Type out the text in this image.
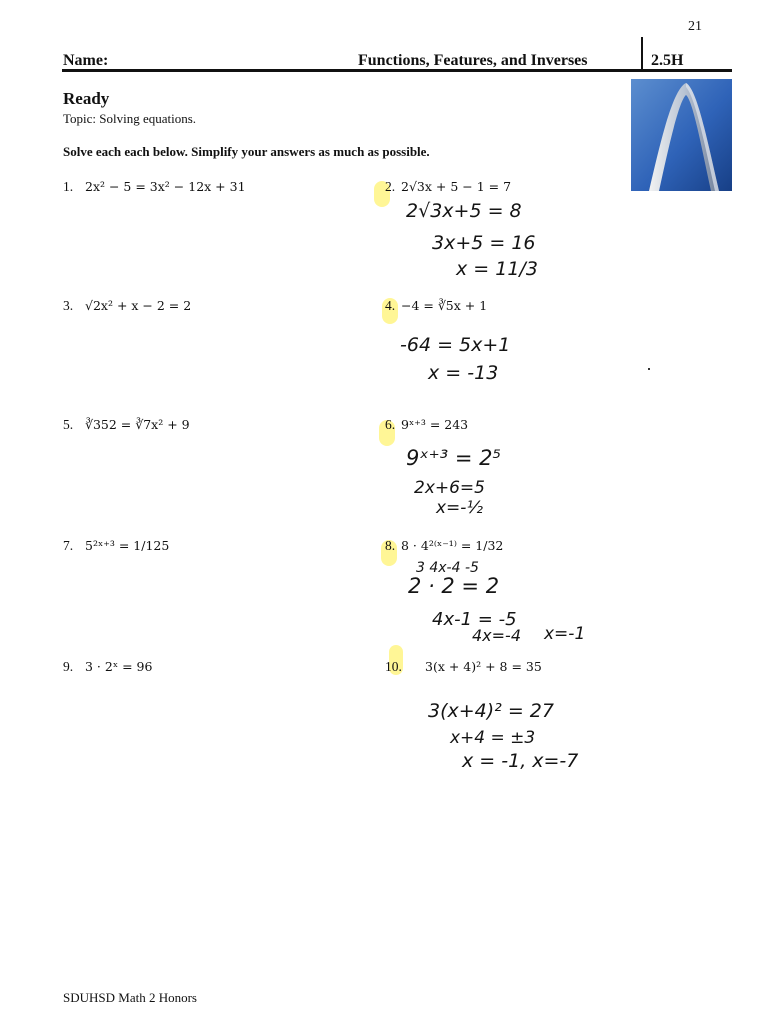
21
Name:	Functions, Features, and Inverses	2.5H
Ready
Topic: Solving equations.
Solve each each below. Simplify your answers as much as possible.
1. 2x² − 5 = 3x² − 12x + 31	2. 2√3x + 5 − 1 = 7
3. √2x² + x − 2 = 2	4. −4 = ∛5x + 1
5. ∛352 = ∛7x² + 9	6. 9ˣ⁺³ = 243
7. 5²ˣ⁺³ = 1/125	8. 8 · 4²⁽ˣ⁻¹⁾ = 1/32
9. 3 · 2ˣ = 96	10. 3(x + 4)² + 8 = 35
2√3x+5 = 8
3x+5 = 16
x = 11/3
-64 = 5x+1
x = -13
9ˣ⁺³ = 2⁵
2x+6=5
x=-½
3 4x-4 -5
2 · 2 = 2
4x-1 = -5
4x=-4 x=-1
3(x+4)² = 27
x+4 = ±3
x = -1, x=-7
SDUHSD Math 2 Honors
